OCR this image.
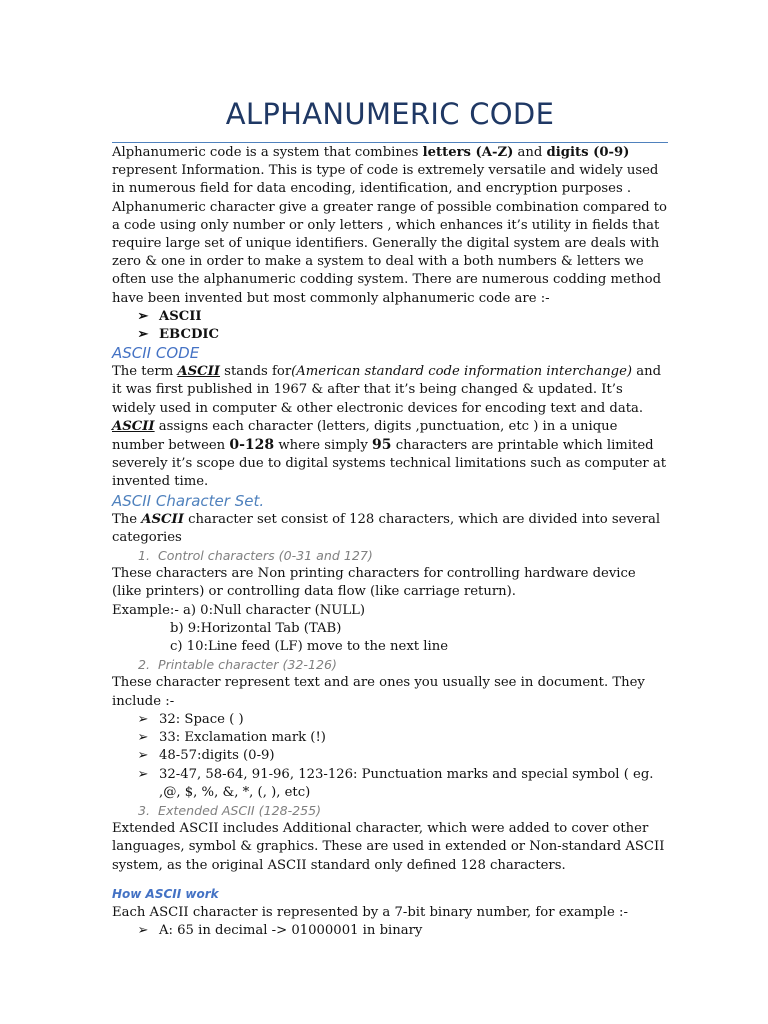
ALPHANUMERIC CODE

Alphanumeric code is a system that combines letters (A-Z) and digits (0-9) represent Information. This is type of code is extremely versatile and widely used in numerous field for data encoding, identification, and encryption purposes . Alphanumeric character give a greater range of possible combination compared to a code using only number or only letters , which enhances it’s utility in fields that require large set of unique identifiers. Generally the digital system are deals with zero & one in order to make a system to deal with a both numbers & letters we often use the alphanumeric codding system. There are numerous codding method have been invented but most commonly alphanumeric code are :-

➢ ASCII
➢ EBCDIC
ASCII CODE

The term ASCII stands for(American standard code information interchange) and it was first published in 1967 & after that it’s being changed & updated. It’s widely used in computer & other electronic devices for encoding text and data. ASCII assigns each character (letters, digits ,punctuation, etc ) in a unique number between 0-128 where simply 95 characters are printable which limited severely it’s scope due to digital systems technical limitations such as computer at invented time.

ASCII Character Set.

The ASCII character set consist of 128 characters, which are divided into several categories

1. Control characters (0-31 and 127)

These characters are Non printing characters for controlling hardware device (like printers) or controlling data flow (like carriage return).

Example:- a) 0:Null character (NULL)

b) 9:Horizontal Tab (TAB)

c) 10:Line feed (LF) move to the next line

2. Printable character (32-126)

These character represent text and are ones you usually see in document. They include :-

➢ 32: Space ( )
➢ 33: Exclamation mark (!)
➢ 48-57:digits (0-9)
➢ 32-47, 58-64, 91-96, 123-126: Punctuation marks and special symbol ( eg. ,@, $, %, &, *, (, ), etc)
3. Extended ASCII (128-255)

Extended ASCII includes Additional character, which were added to cover other languages, symbol & graphics. These are used in extended or Non-standard ASCII system, as the original ASCII standard only defined 128 characters.

How ASCII work

Each ASCII character is represented by a 7-bit binary number, for example :-

➢ A: 65 in decimal -> 01000001 in binary
